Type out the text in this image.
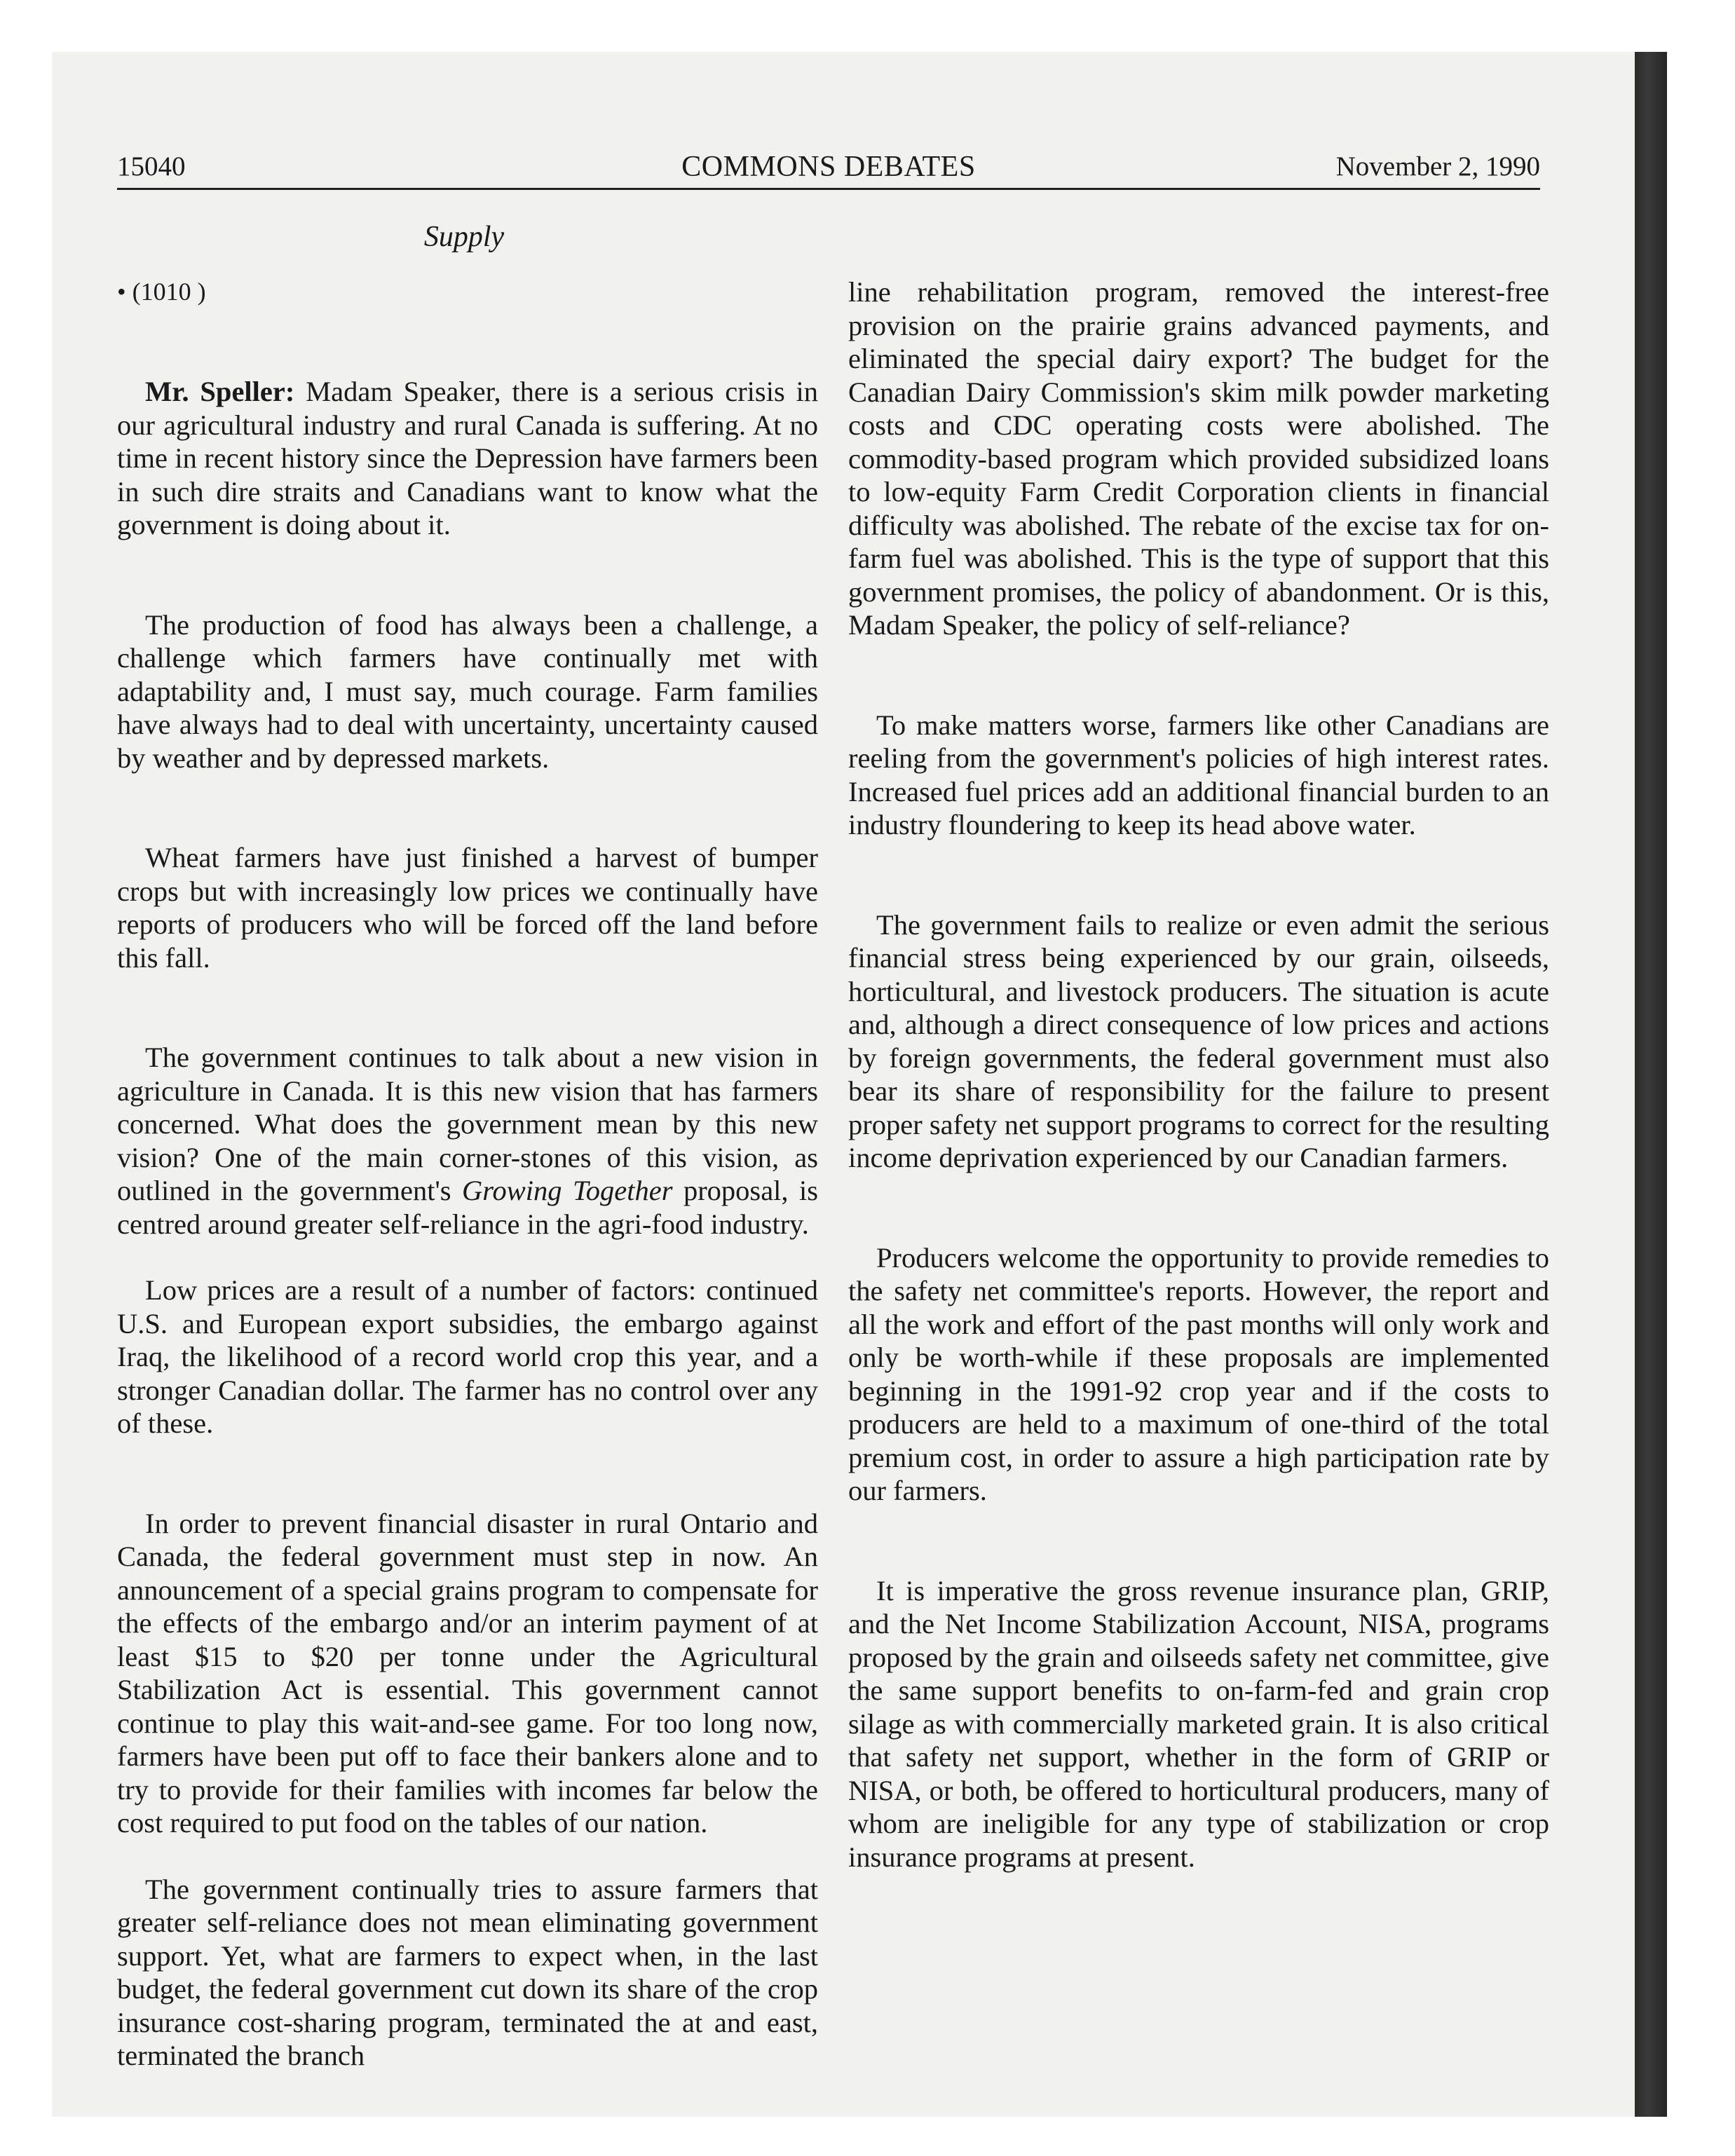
15040	COMMONS DEBATES	November 2, 1990
Supply
• (1010 )

Mr. Speller: Madam Speaker, there is a serious crisis in our agricultural industry and rural Canada is suffering. At no time in recent history since the Depression have farmers been in such dire straits and Canadians want to know what the government is doing about it.

The production of food has always been a challenge, a challenge which farmers have continually met with adaptability and, I must say, much courage. Farm families have always had to deal with uncertainty, uncertainty caused by weather and by depressed markets.

Wheat farmers have just finished a harvest of bumper crops but with increasingly low prices we continually have reports of producers who will be forced off the land before this fall.

The government continues to talk about a new vision in agriculture in Canada. It is this new vision that has farmers concerned. What does the government mean by this new vision? One of the main corner-stones of this vision, as outlined in the government's Growing Together proposal, is centred around greater self-reliance in the agri-food industry.

Low prices are a result of a number of factors: continued U.S. and European export subsidies, the embargo against Iraq, the likelihood of a record world crop this year, and a stronger Canadian dollar. The farmer has no control over any of these.

In order to prevent financial disaster in rural Ontario and Canada, the federal government must step in now. An announcement of a special grains program to compensate for the effects of the embargo and/or an interim payment of at least $15 to $20 per tonne under the Agricultural Stabilization Act is essential. This government cannot continue to play this wait-and-see game. For too long now, farmers have been put off to face their bankers alone and to try to provide for their families with incomes far below the cost required to put food on the tables of our nation.

The government continually tries to assure farmers that greater self-reliance does not mean eliminating government support. Yet, what are farmers to expect when, in the last budget, the federal government cut down its share of the crop insurance cost-sharing program, terminated the at and east, terminated the branch

line rehabilitation program, removed the interest-free provision on the prairie grains advanced payments, and eliminated the special dairy export? The budget for the Canadian Dairy Commission's skim milk powder marketing costs and CDC operating costs were abolished. The commodity-based program which provided subsidized loans to low-equity Farm Credit Corporation clients in financial difficulty was abolished. The rebate of the excise tax for on-farm fuel was abolished. This is the type of support that this government promises, the policy of abandonment. Or is this, Madam Speaker, the policy of self-reliance?

To make matters worse, farmers like other Canadians are reeling from the government's policies of high interest rates. Increased fuel prices add an additional financial burden to an industry floundering to keep its head above water.

The government fails to realize or even admit the serious financial stress being experienced by our grain, oilseeds, horticultural, and livestock producers. The situation is acute and, although a direct consequence of low prices and actions by foreign governments, the federal government must also bear its share of responsibility for the failure to present proper safety net support programs to correct for the resulting income deprivation experienced by our Canadian farmers.

Producers welcome the opportunity to provide remedies to the safety net committee's reports. However, the report and all the work and effort of the past months will only work and only be worth-while if these proposals are implemented beginning in the 1991-92 crop year and if the costs to producers are held to a maximum of one-third of the total premium cost, in order to assure a high participation rate by our farmers.

It is imperative the gross revenue insurance plan, GRIP, and the Net Income Stabilization Account, NISA, programs proposed by the grain and oilseeds safety net committee, give the same support benefits to on-farm-fed and grain crop silage as with commercially marketed grain. It is also critical that safety net support, whether in the form of GRIP or NISA, or both, be offered to horticultural producers, many of whom are ineligible for any type of stabilization or crop insurance programs at present.
